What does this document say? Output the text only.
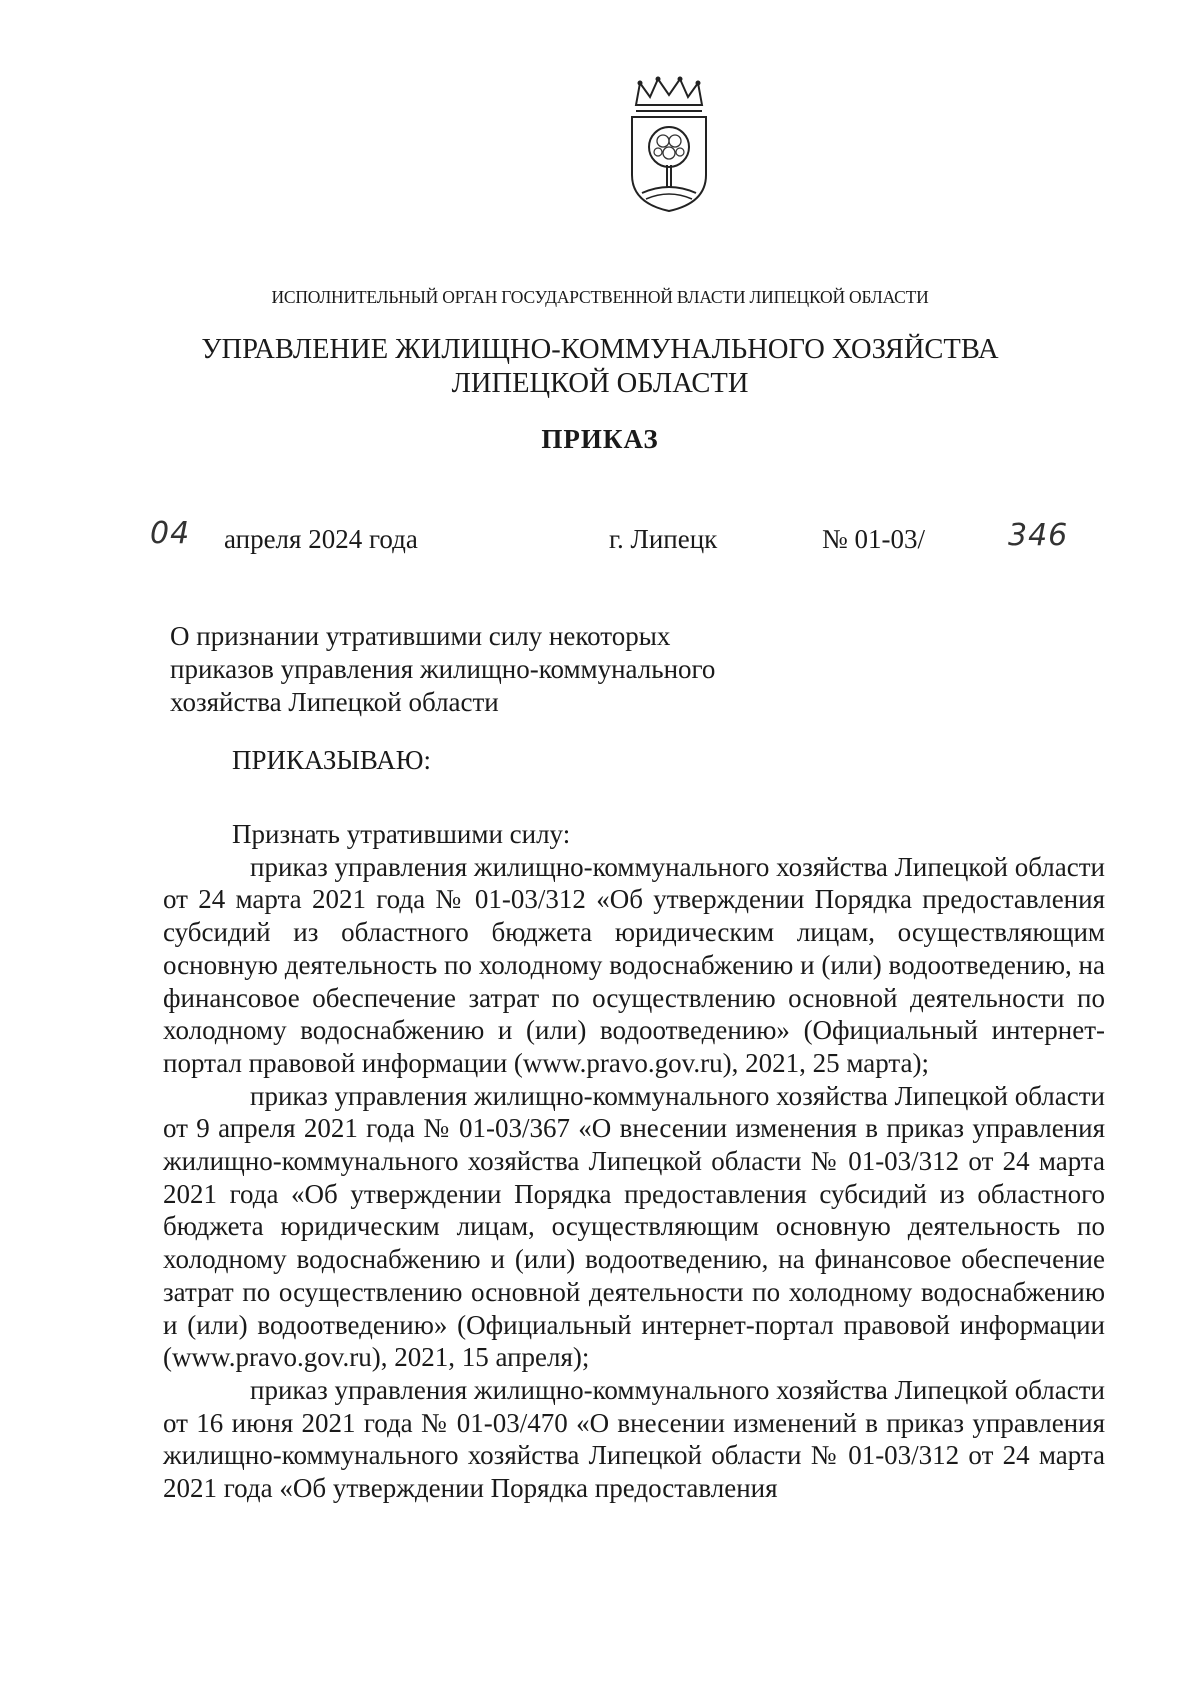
ИСПОЛНИТЕЛЬНЫЙ ОРГАН ГОСУДАРСТВЕННОЙ ВЛАСТИ ЛИПЕЦКОЙ ОБЛАСТИ
УПРАВЛЕНИЕ ЖИЛИЩНО-КОММУНАЛЬНОГО ХОЗЯЙСТВА
ЛИПЕЦКОЙ ОБЛАСТИ
ПРИКАЗ
04 апреля 2024 года	г. Липецк	№ 01-03/	346
О признании утратившими силу некоторых
приказов управления жилищно-коммунального
хозяйства Липецкой области
ПРИКАЗЫВАЮ:

Признать утратившими силу:

приказ управления жилищно-коммунального хозяйства Липецкой области от 24 марта 2021 года № 01-03/312 «Об утверждении Порядка предоставления субсидий из областного бюджета юридическим лицам, осуществляющим основную деятельность по холодному водоснабжению и (или) водоотведению, на финансовое обеспечение затрат по осуществлению основной деятельности по холодному водоснабжению и (или) водоотведению» (Официальный интернет-портал правовой информации (www.pravo.gov.ru), 2021, 25 марта);

приказ управления жилищно-коммунального хозяйства Липецкой области от 9 апреля 2021 года № 01-03/367 «О внесении изменения в приказ управления жилищно-коммунального хозяйства Липецкой области № 01-03/312 от 24 марта 2021 года «Об утверждении Порядка предоставления субсидий из областного бюджета юридическим лицам, осуществляющим основную деятельность по холодному водоснабжению и (или) водоотведению, на финансовое обеспечение затрат по осуществлению основной деятельности по холодному водоснабжению и (или) водоотведению» (Официальный интернет-портал правовой информации (www.pravo.gov.ru), 2021, 15 апреля);

приказ управления жилищно-коммунального хозяйства Липецкой области от 16 июня 2021 года № 01-03/470 «О внесении изменений в приказ управления жилищно-коммунального хозяйства Липецкой области № 01-03/312 от 24 марта 2021 года «Об утверждении Порядка предоставления
